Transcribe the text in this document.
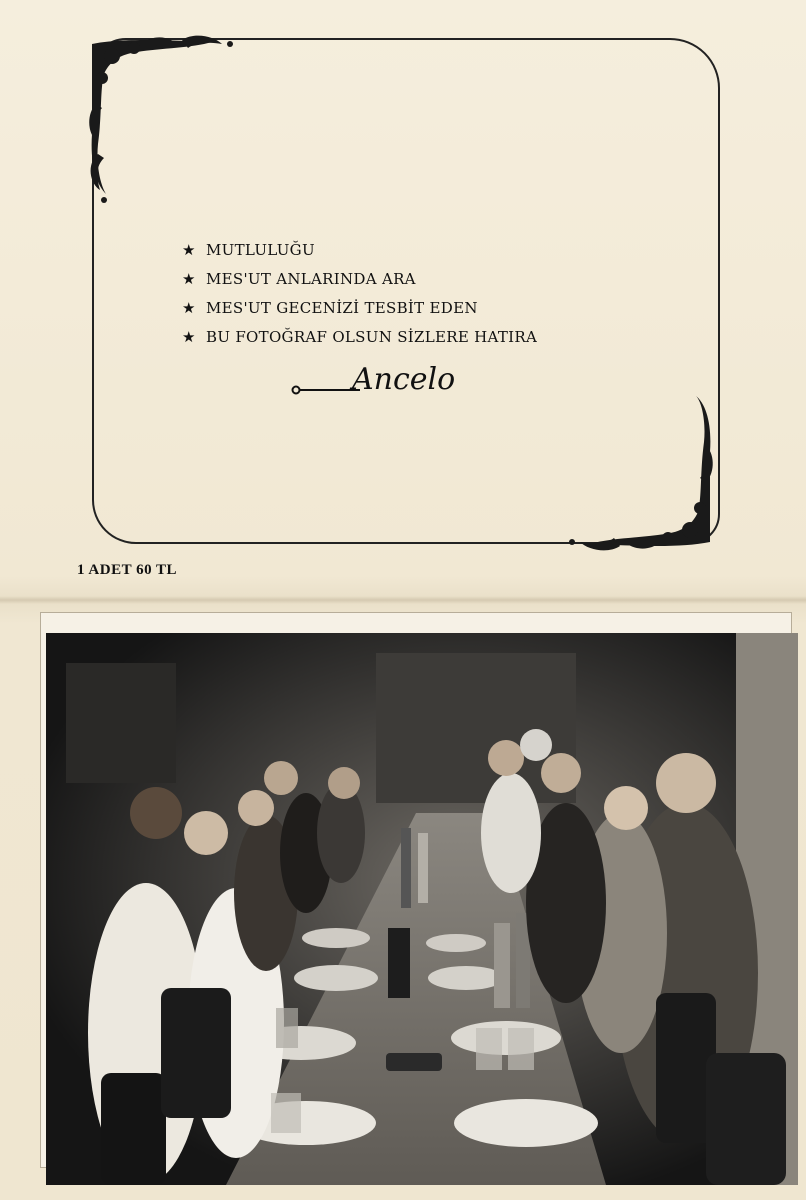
★ MUTLULUĞU
★ MES'UT ANLARINDA ARA
★ MES'UT GECENİZİ TESBİT EDEN
★ BU FOTOĞRAF OLSUN SİZLERE HATIRA
Ancelo
1 ADET 60 TL
